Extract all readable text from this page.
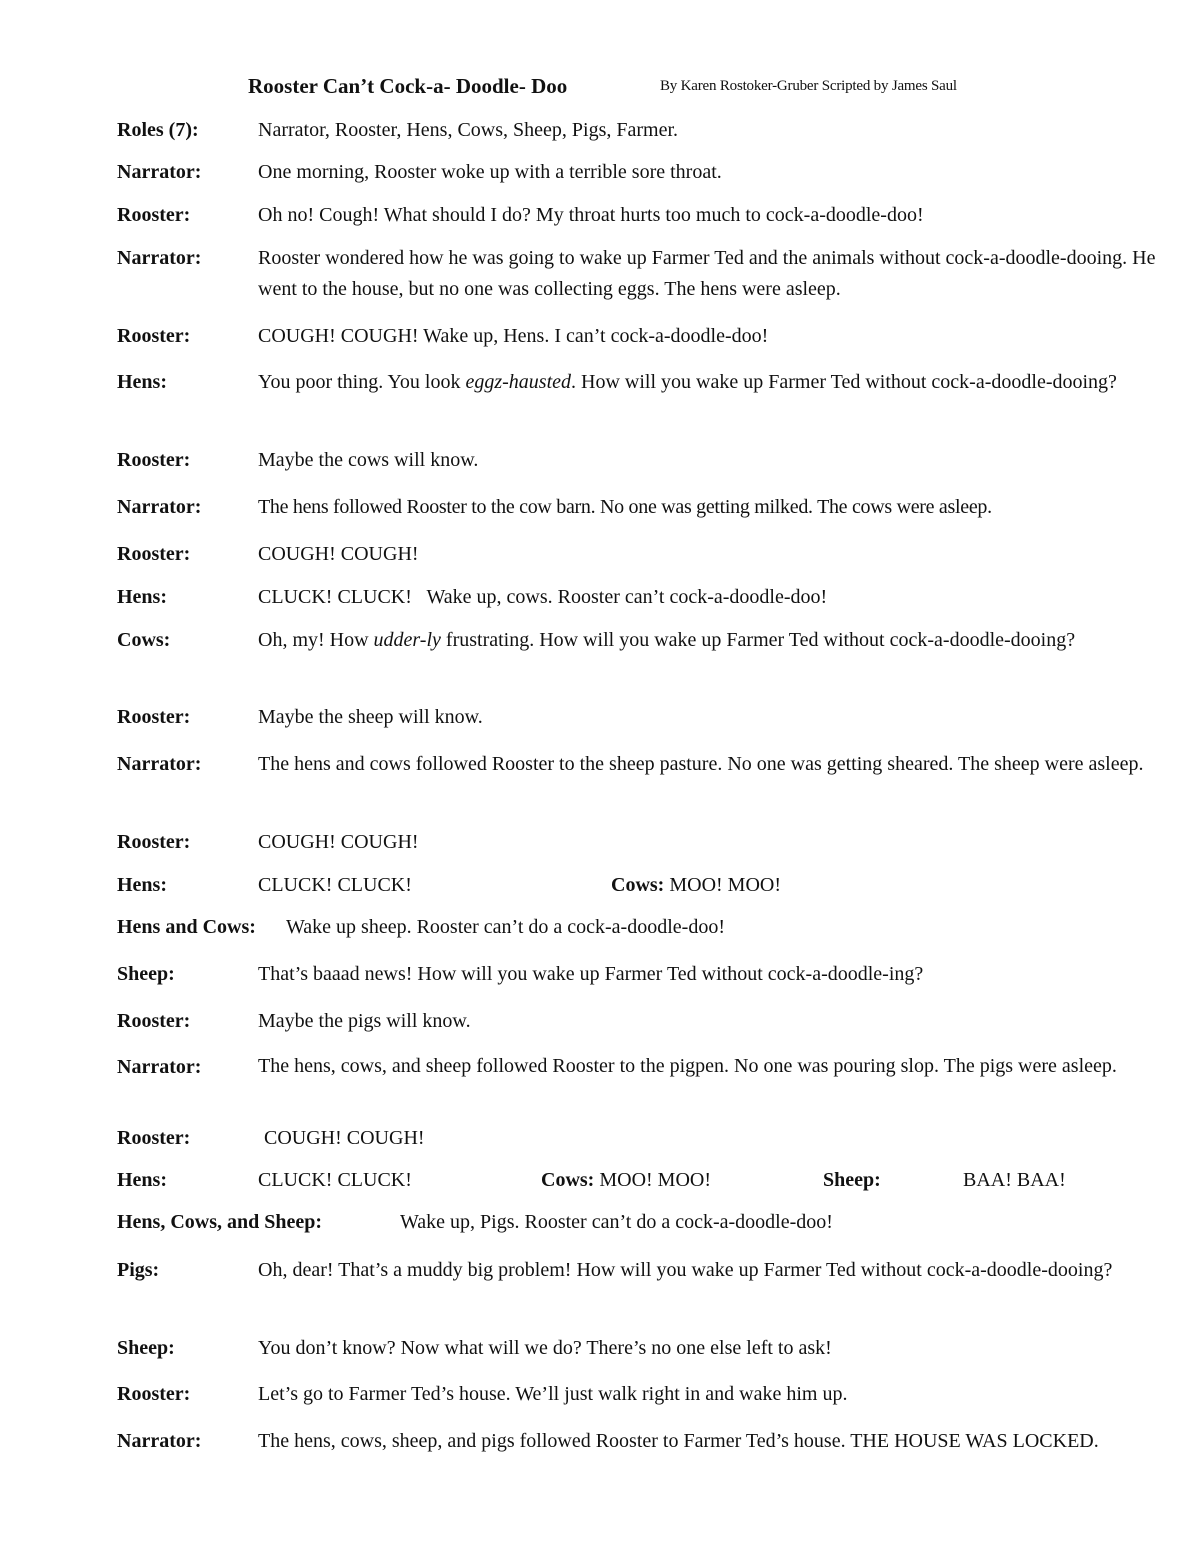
Rooster Can’t Cock-a- Doodle- Doo	By Karen Rostoker-Gruber Scripted by James Saul
Roles (7):	Narrator, Rooster, Hens, Cows, Sheep, Pigs, Farmer.
Narrator:	One morning, Rooster woke up with a terrible sore throat.
Rooster:	Oh no! Cough! What should I do? My throat hurts too much to cock-a-doodle-doo!
Narrator:	Rooster wondered how he was going to wake up Farmer Ted and the animals without cock-a-doodle-dooing. He went to the house, but no one was collecting eggs. The hens were asleep.
Rooster:	COUGH! COUGH! Wake up, Hens. I can’t cock-a-doodle-doo!
Hens:	You poor thing. You look eggz-hausted. How will you wake up Farmer Ted without cock-a-doodle-dooing?
Rooster:	Maybe the cows will know.
Narrator:	The hens followed Rooster to the cow barn. No one was getting milked. The cows were asleep.
Rooster:	COUGH! COUGH!
Hens:	CLUCK! CLUCK!   Wake up, cows. Rooster can’t cock-a-doodle-doo!
Cows:	Oh, my! How udder-ly frustrating. How will you wake up Farmer Ted without cock-a-doodle-dooing?
Rooster:	Maybe the sheep will know.
Narrator:	The hens and cows followed Rooster to the sheep pasture. No one was getting sheared. The sheep were asleep.
Rooster:	COUGH! COUGH!
Hens:	CLUCK! CLUCK!	Cows: MOO! MOO!
Hens and Cows: Wake up sheep. Rooster can’t do a cock-a-doodle-doo!
Sheep:	That’s baaad news! How will you wake up Farmer Ted without cock-a-doodle-ing?
Rooster:	Maybe the pigs will know.
Narrator:	The hens, cows, and sheep followed Rooster to the pigpen. No one was pouring slop. The pigs were asleep.
Rooster:	COUGH! COUGH!
Hens:	CLUCK! CLUCK!	Cows: MOO! MOO!	Sheep:	BAA! BAA!
Hens, Cows, and Sheep:	Wake up, Pigs. Rooster can’t do a cock-a-doodle-doo!
Pigs:	Oh, dear! That’s a muddy big problem! How will you wake up Farmer Ted without cock-a-doodle-dooing?
Sheep:	You don’t know? Now what will we do? There’s no one else left to ask!
Rooster:	Let’s go to Farmer Ted’s house. We’ll just walk right in and wake him up.
Narrator:	The hens, cows, sheep, and pigs followed Rooster to Farmer Ted’s house. THE HOUSE WAS LOCKED.
